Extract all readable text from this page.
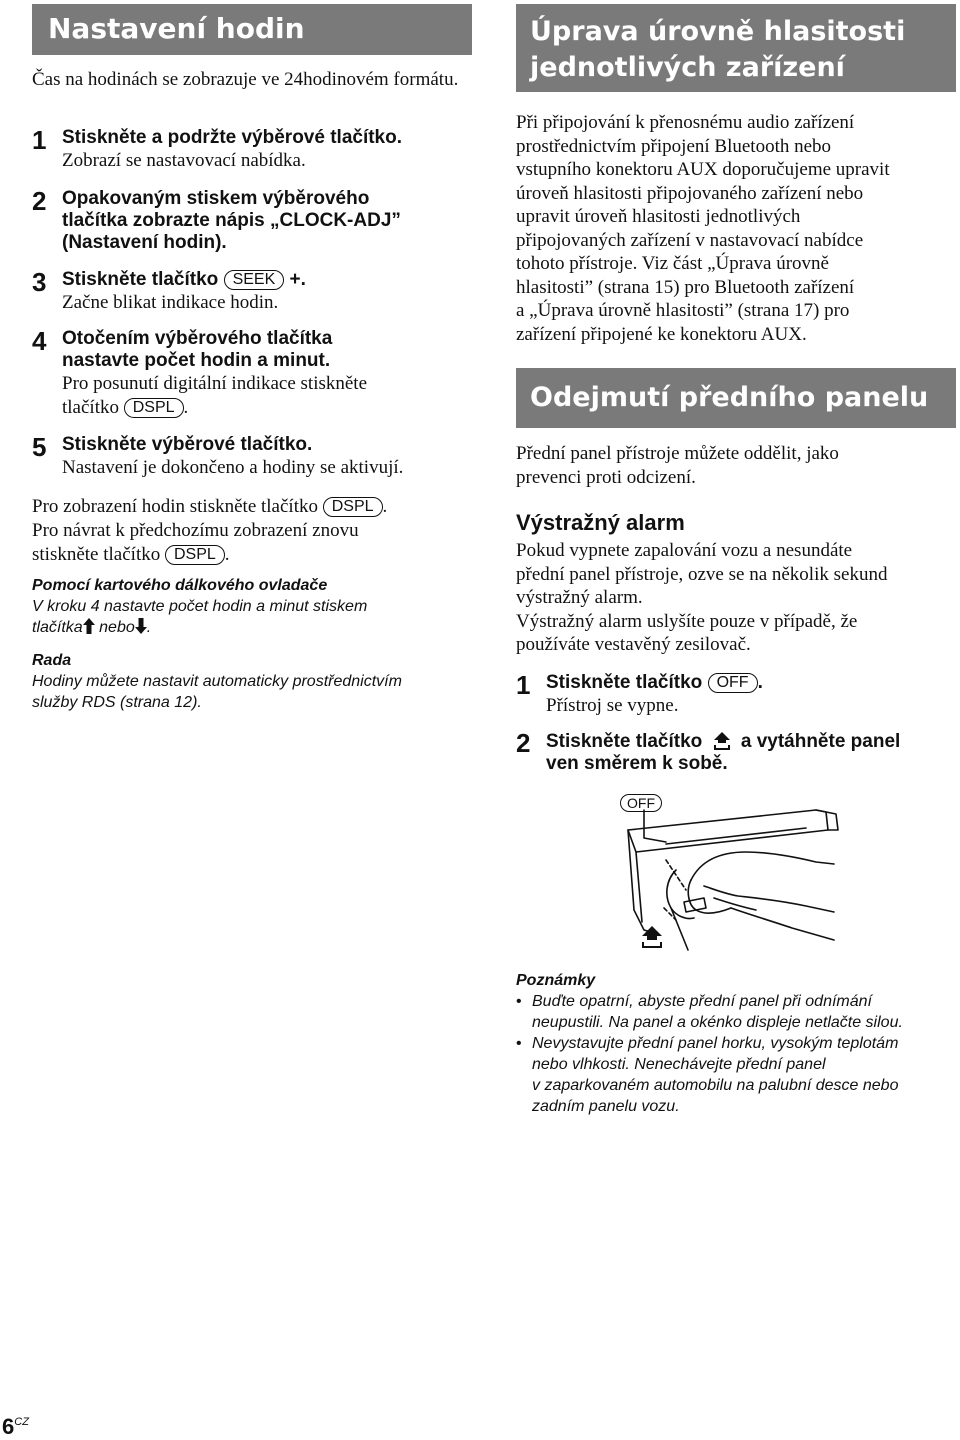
Nastavení hodin
Čas na hodinách se zobrazuje ve 24hodinovém formátu.
1 Stiskněte a podržte výběrové tlačítko.
Zobrazí se nastavovací nabídka.
2 Opakovaným stiskem výběrového
tlačítka zobrazte nápis „CLOCK-ADJ”
(Nastavení hodin).
3 Stiskněte tlačítko SEEK +.
Začne blikat indikace hodin.
4 Otočením výběrového tlačítka
nastavte počet hodin a minut.
Pro posunutí digitální indikace stiskněte
tlačítko DSPL .
5 Stiskněte výběrové tlačítko.
Nastavení je dokončeno a hodiny se aktivují.
Pro zobrazení hodin stiskněte tlačítko DSPL .
Pro návrat k předchozímu zobrazení znovu
stiskněte tlačítko DSPL .
Pomocí kartového dálkového ovladače
V kroku 4 nastavte počet hodin a minut stiskem
tlačítka nebo .
Rada
Hodiny můžete nastavit automaticky prostřednictvím
služby RDS (strana 12).
Úprava úrovně hlasitosti
jednotlivých zařízení
Při připojování k přenosnému audio zařízení
prostřednictvím připojení Bluetooth nebo
vstupního konektoru AUX doporučujeme upravit
úroveň hlasitosti připojovaného zařízení nebo
upravit úroveň hlasitosti jednotlivých
připojovaných zařízení v nastavovací nabídce
tohoto přístroje. Viz část „Úprava úrovně
hlasitosti” (strana 15) pro Bluetooth zařízení
a „Úprava úrovně hlasitosti” (strana 17) pro
zařízení připojené ke konektoru AUX.
Odejmutí předního panelu
Přední panel přístroje můžete oddělit, jako
prevenci proti odcizení.
Výstražný alarm
Pokud vypnete zapalování vozu a nesundáte
přední panel přístroje, ozve se na několik sekund
výstražný alarm.
Výstražný alarm uslyšíte pouze v případě, že
používáte vestavěný zesilovač.
1 Stiskněte tlačítko OFF .
Přístroj se vypne.
2 Stiskněte tlačítko a vytáhněte panel
ven směrem k sobě.
OFF
Poznámky
• Buďte opatrní, abyste přední panel při odnímání
neupustili. Na panel a okénko displeje netlačte silou.
• Nevystavujte přední panel horku, vysokým teplotám
nebo vlhkosti. Nenechávejte přední panel
v zaparkovaném automobilu na palubní desce nebo
zadním panelu vozu.
$6^{CZ}$
